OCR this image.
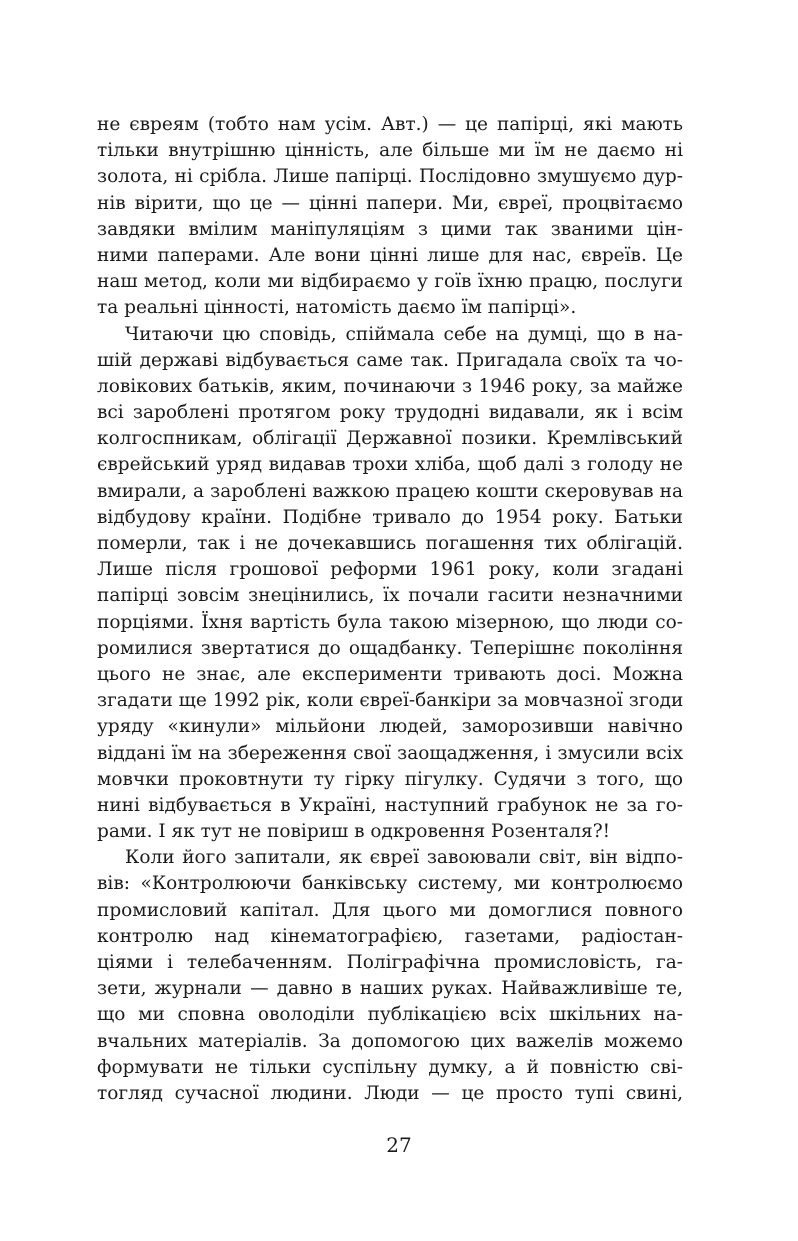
не євреям (тобто нам усім. Авт.) — це папірці, які мають
тільки внутрішню цінність, але більше ми їм не даємо ні
золота, ні срібла. Лише папірці. Послідовно змушуємо дур-
нів вірити, що це — цінні папери. Ми, євреї, процвітаємо
завдяки вмілим маніпуляціям з цими так званими цін-
ними паперами. Але вони цінні лише для нас, євреїв. Це
наш метод, коли ми відбираємо у гоїв їхню працю, послуги
та реальні цінності, натомість даємо їм папірці».
Читаючи цю сповідь, спіймала себе на думці, що в на-
шій державі відбувається саме так. Пригадала своїх та чо-
ловікових батьків, яким, починаючи з 1946 року, за майже
всі зароблені протягом року трудодні видавали, як і всім
колгоспникам, облігації Державної позики. Кремлівський
єврейський уряд видавав трохи хліба, щоб далі з голоду не
вмирали, а зароблені важкою працею кошти скеровував на
відбудову країни. Подібне тривало до 1954 року. Батьки
померли, так і не дочекавшись погашення тих облігацій.
Лише після грошової реформи 1961 року, коли згадані
папірці зовсім знецінились, їх почали гасити незначними
порціями. Їхня вартість була такою мізерною, що люди со-
ромилися звертатися до ощадбанку. Теперішнє покоління
цього не знає, але експерименти тривають досі. Можна
згадати ще 1992 рік, коли євреї-банкіри за мовчазної згоди
уряду «кинули» мільйони людей, заморозивши навічно
віддані їм на збереження свої заощадження, і змусили всіх
мовчки проковтнути ту гірку пігулку. Судячи з того, що
нині відбувається в Україні, наступний грабунок не за го-
рами. І як тут не повіриш в одкровення Розенталя?!
Коли його запитали, як євреї завоювали світ, він відпо-
вів: «Контролюючи банківську систему, ми контролюємо
промисловий капітал. Для цього ми домоглися повного
контролю над кінематографією, газетами, радіостан-
ціями і телебаченням. Поліграфічна промисловість, га-
зети, журнали — давно в наших руках. Найважливіше те,
що ми сповна оволоділи публікацією всіх шкільних на-
вчальних матеріалів. За допомогою цих важелів можемо
формувати не тільки суспільну думку, а й повністю сві-
тогляд сучасної людини. Люди — це просто тупі свині,
27
